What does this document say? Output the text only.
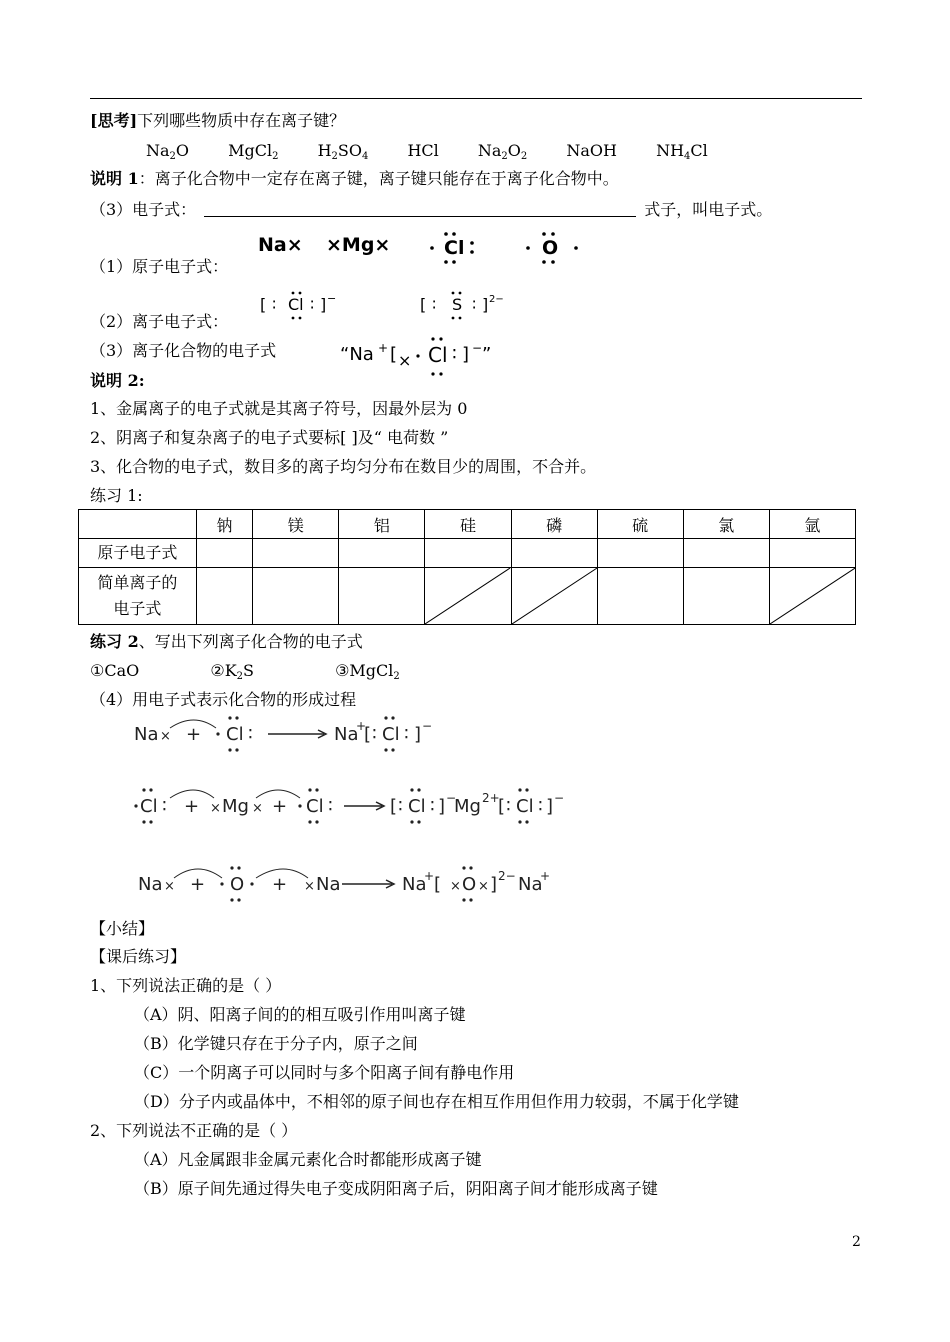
[思考]下列哪些物质中存在离子键？
$Na_2O$ MgCl$_2$ $H_2SO_4$ HCl $Na_2O_2$ NaOH $NH_4Cl$
说明 1：离子化合物中一定存在离子键，离子键只能存在于离子化合物中。
（3）电子式：	式子，叫电子式。
（1）原子电子式：
Na× ×Mg×	Cl	O
（2）离子电子式：
[ ∶ Cl ∶ ] −	[ ∶ S ∶ ] 2−
（3）离子化合物的电子式	“Na + [ × Cl ∶ ] − ”
说明 2:
1、金属离子的电子式就是其离子符号，因最外层为 0
2、阴离子和复杂离子的电子式要标[ ]及“ 电荷数 ”
3、化合物的电子式，数目多的离子均匀分布在数目少的周围，不合并。
练习 1:
	钠	镁	铝	硅	磷	硫	氯	氩
原子电子式								

简单离子的
电子式

练习 2、写出下列离子化合物的电子式
①CaO	$②K_2S$	③MgCl$_2$
（4）用电子式表示化合物的形成过程
Na × + Cl ∶	Na
+
[ ∶ Cl ∶ ] −
Cl ∶ + × Mg × + Cl ∶	[ ∶ Cl ∶ ] −
Mg 2+
[ ∶ Cl ∶ ] −
Na × + O + × Na	Na
+ [ × O × ] 2− Na
+
【小结】
【课后练习】
1、下列说法正确的是（ ）
（A）阴、阳离子间的的相互吸引作用叫离子键
（B）化学键只存在于分子内，原子之间
（C）一个阴离子可以同时与多个阳离子间有静电作用
（D）分子内或晶体中，不相邻的原子间也存在相互作用但作用力较弱，不属于化学键
2、下列说法不正确的是（ ）
（A）凡金属跟非金属元素化合时都能形成离子键
（B）原子间先通过得失电子变成阴阳离子后，阴阳离子间才能形成离子键
2
